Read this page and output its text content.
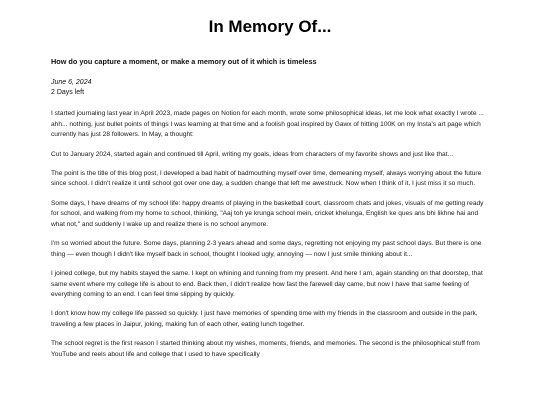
In Memory Of...
How do you capture a moment, or make a memory out of it which is timeless
June 6, 2024
2 Days left

I started journaling last year in April 2023, made pages on Notion for each month, wrote some philosophical ideas, let me look what exactly I wrote ... ahh... nothing, just bullet points of things I was learning at that time and a foolish goal inspired by Gawx of hitting 100K on my Insta's art page which currently has just 28 followers. In May, a thought:

Cut to January 2024, started again and continued till April, writing my goals, ideas from characters of my favorite shows and just like that...

The point is the title of this blog post, I developed a bad habit of badmouthing myself over time, demeaning myself, always worrying about the future since school. I didn't realize it until school got over one day, a sudden change that left me awestruck. Now when I think of it, I just miss it so much.

Some days, I have dreams of my school life: happy dreams of playing in the basketball court, classroom chats and jokes, visuals of me getting ready for school, and walking from my home to school, thinking, "Aaj toh ye krunga school mein, cricket khelunga, English ke ques ans bhi likhne hai and what not," and suddenly I wake up and realize there is no school anymore.

I'm so worried about the future. Some days, planning 2-3 years ahead and some days, regretting not enjoying my past school days. But there is one thing — even though I didn't like myself back in school, thought I looked ugly, annoying — now I just smile thinking about it...

I joined college, but my habits stayed the same. I kept on whining and running from my present. And here I am, again standing on that doorstep, that same event where my college life is about to end. Back then, I didn't realize how fast the farewell day came, but now I have that same feeling of everything coming to an end. I can feel time slipping by quickly.

I don't know how my college life passed so quickly. I just have memories of spending time with my friends in the classroom and outside in the park, traveling a few places in Jaipur, joking, making fun of each other, eating lunch together.

The school regret is the first reason I started thinking about my wishes, moments, friends, and memories. The second is the philosophical stuff from YouTube and reels about life and college that I used to have specifically
